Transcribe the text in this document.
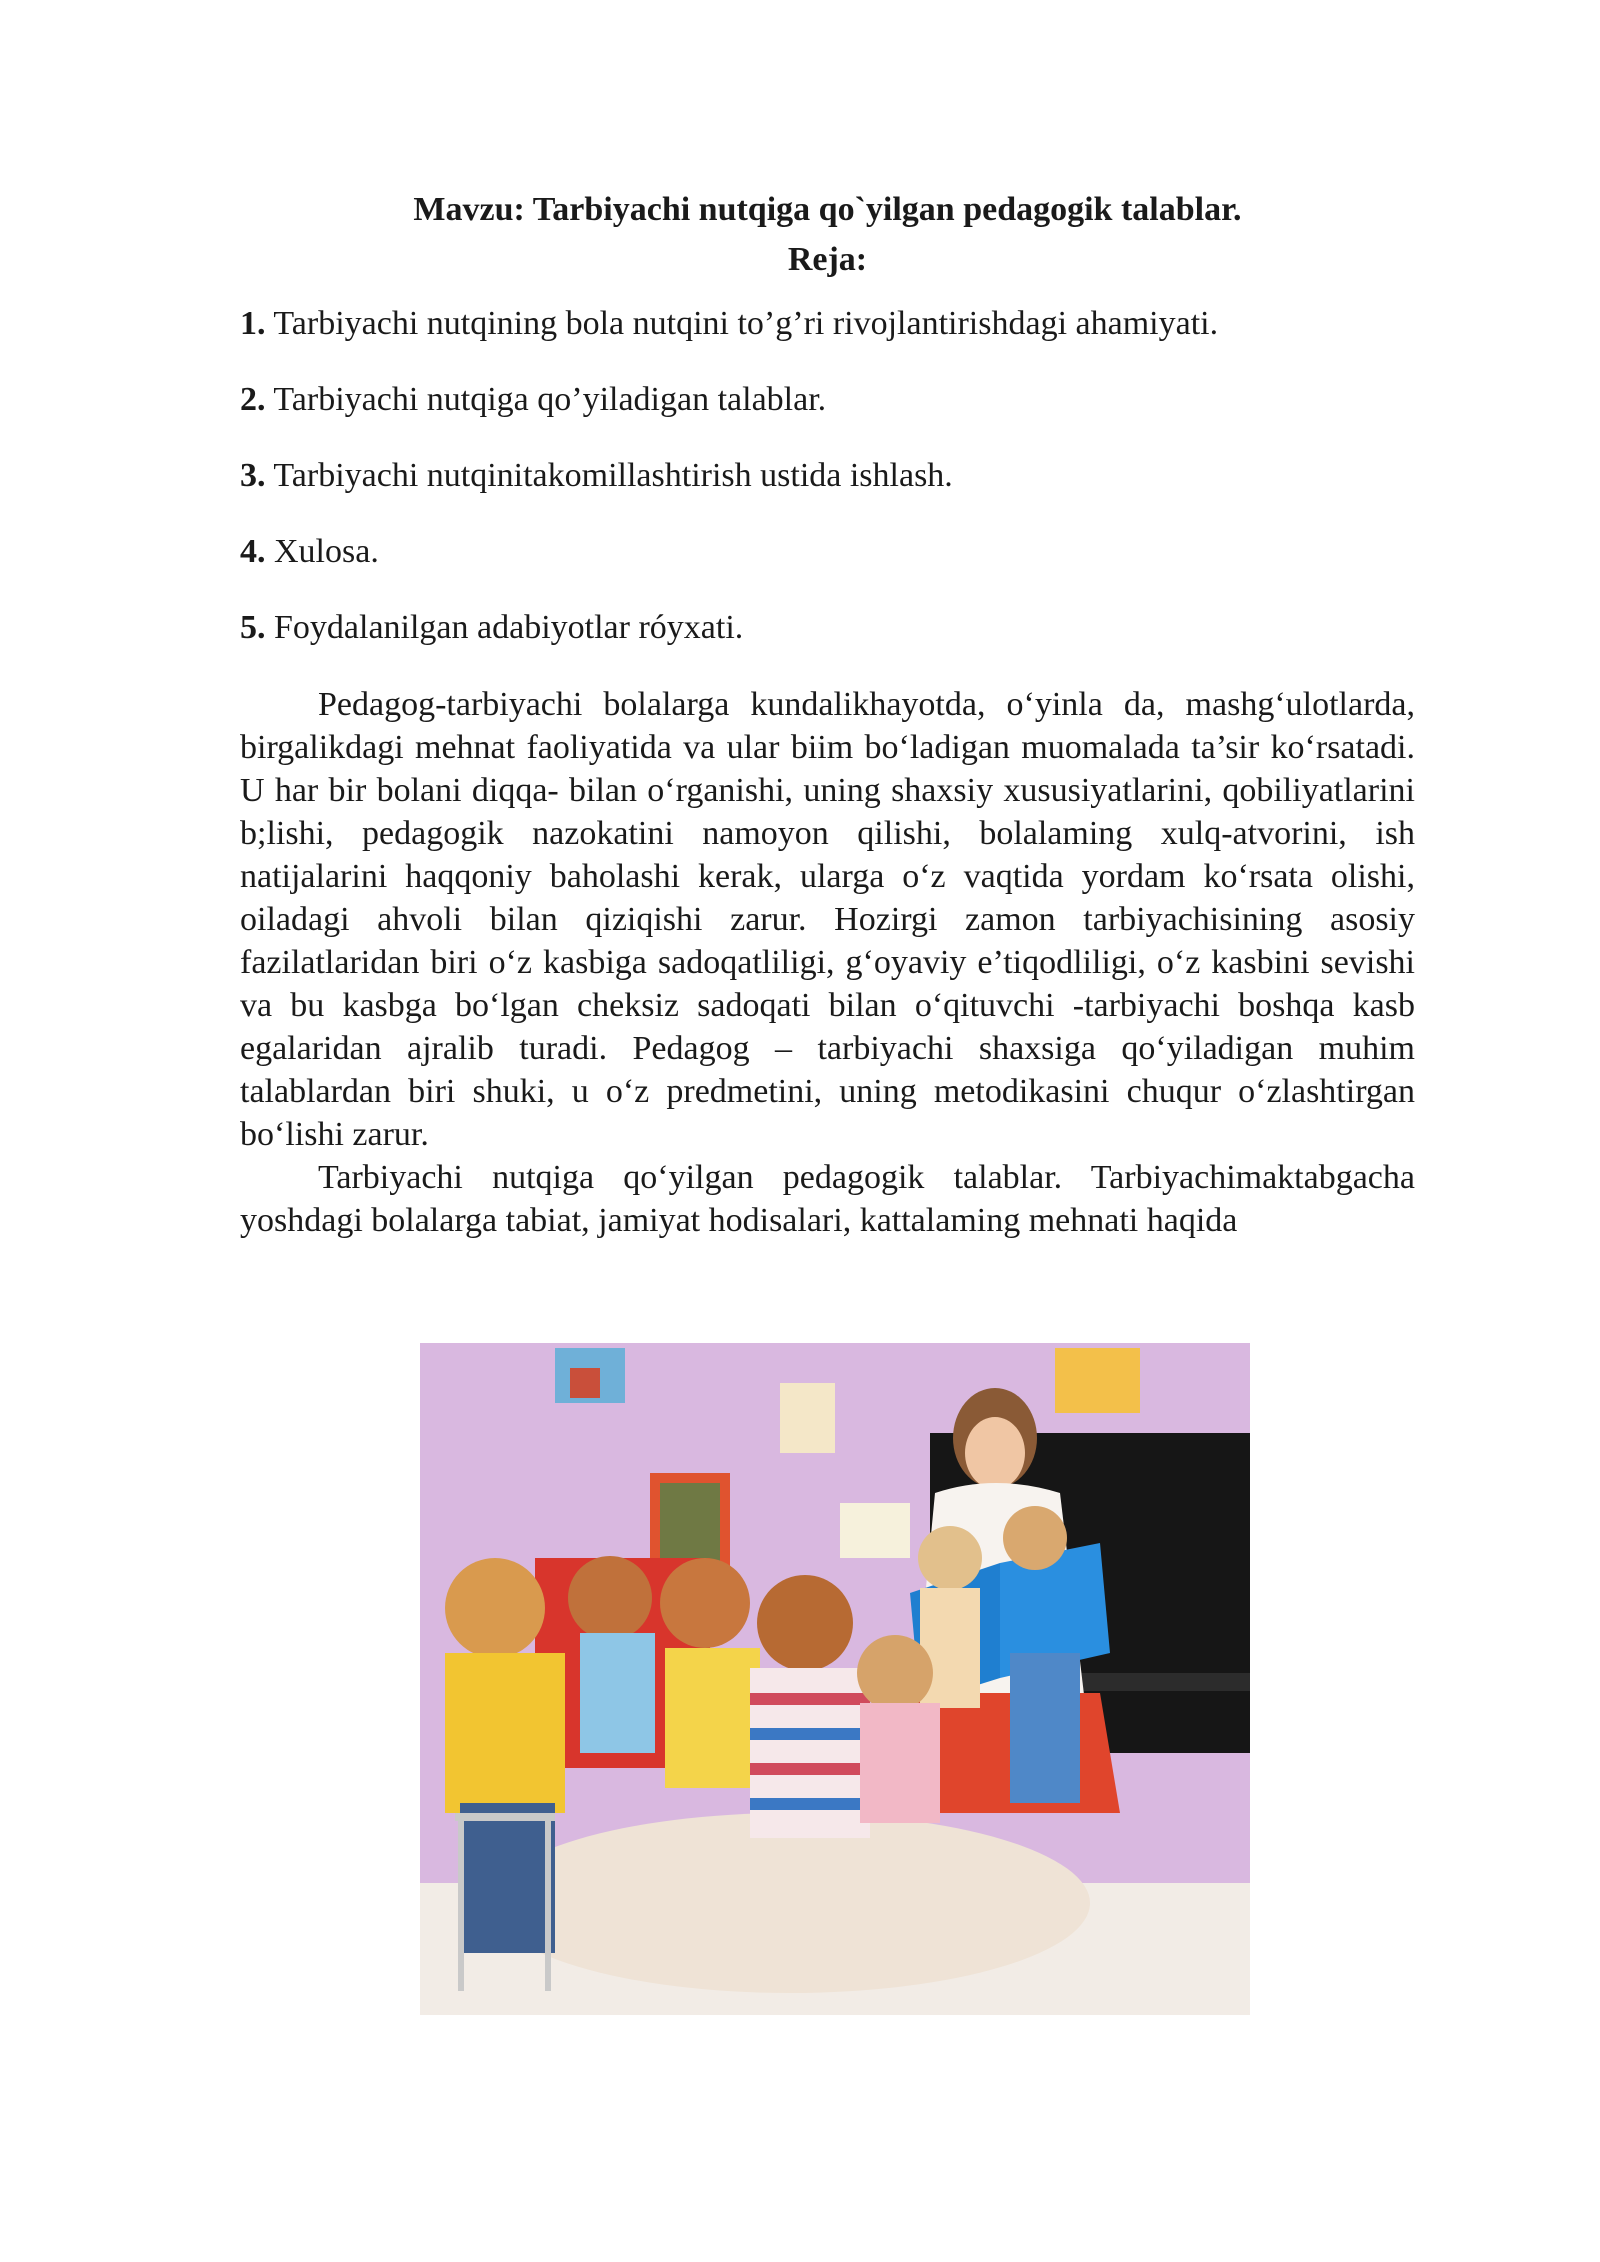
Mavzu: Tarbiyachi nutqiga qo`yilgan pedagogik talablar.

Reja:

1. Tarbiyachi nutqining bola nutqini to’g’ri rivojlantirishdagi ahamiyati.
2. Tarbiyachi nutqiga qo’yiladigan talablar.
3. Tarbiyachi nutqinitakomillashtirish ustida ishlash.
4. Xulosa.
5. Foydalanilgan adabiyotlar róyxati.

Pedagog-tarbiyachi bolalarga kundalikhayotda, o‘yinla da, mashg‘ulotlarda, birgalikdagi mehnat faoliyatida va ular biim bo‘ladigan muomalada ta’sir ko‘rsatadi. U har bir bolani diqqa- bilan o‘rganishi, uning shaxsiy xususiyatlarini, qobiliyatlarini b;lishi, pedagogik nazokatini namoyon qilishi, bolalaming xulq-atvorini, ish natijalarini haqqoniy baholashi kerak, ularga o‘z vaqtida yordam ko‘rsata olishi, oiladagi ahvoli bilan qiziqishi zarur. Hozirgi zamon tarbiyachisining asosiy fazilatlaridan biri o‘z kasbiga sadoqatliligi, g‘oyaviy e’tiqodliligi, o‘z kasbini sevishi va bu kasbga bo‘lgan cheksiz sadoqati bilan o‘qituvchi -tarbiyachi boshqa kasb egalaridan ajralib turadi. Pedagog – tarbiyachi shaxsiga qo‘yiladigan muhim talablardan biri shuki, u o‘z predmetini, uning metodikasini chuqur o‘zlashtirgan bo‘lishi zarur.

Tarbiyachi nutqiga qo‘yilgan pedagogik talablar. Tarbiyachimaktabgacha yoshdagi bolalarga tabiat, jamiyat hodisalari, kattalaming mehnati haqida
